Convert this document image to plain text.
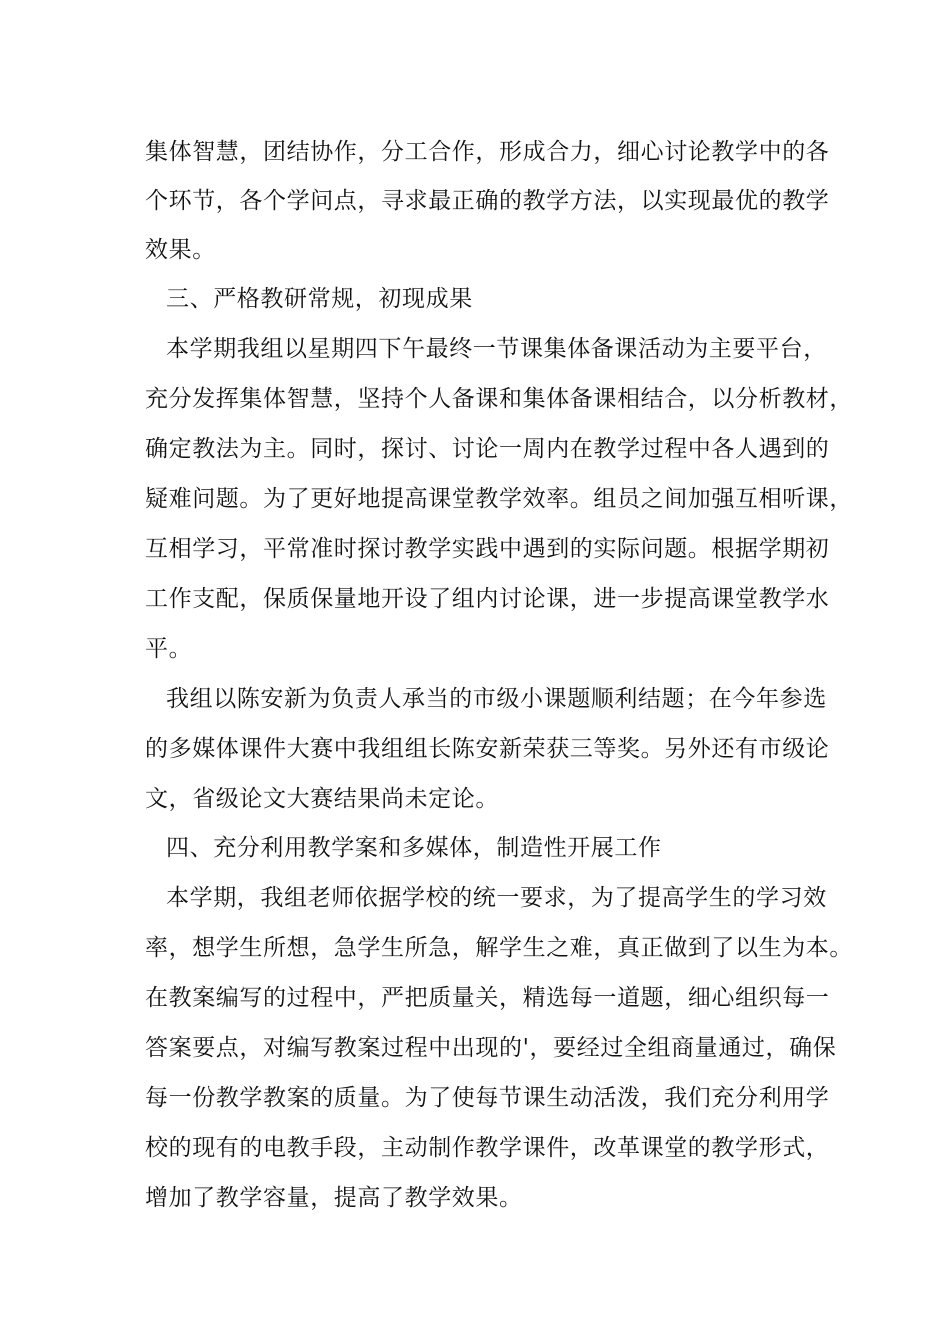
集体智慧，团结协作，分工合作，形成合力，细心讨论教学中的各
个环节，各个学问点，寻求最正确的教学方法，以实现最优的教学
效果。
三、严格教研常规，初现成果
本学期我组以星期四下午最终一节课集体备课活动为主要平台，
充分发挥集体智慧，坚持个人备课和集体备课相结合，以分析教材，
确定教法为主。同时，探讨、讨论一周内在教学过程中各人遇到的
疑难问题。为了更好地提高课堂教学效率。组员之间加强互相听课，
互相学习，平常准时探讨教学实践中遇到的实际问题。根据学期初
工作支配，保质保量地开设了组内讨论课，进一步提高课堂教学水
平。
我组以陈安新为负责人承当的市级小课题顺利结题；在今年参选
的多媒体课件大赛中我组组长陈安新荣获三等奖。另外还有市级论
文，省级论文大赛结果尚未定论。
四、充分利用教学案和多媒体，制造性开展工作
本学期，我组老师依据学校的统一要求，为了提高学生的学习效
率，想学生所想，急学生所急，解学生之难，真正做到了以生为本。
在教案编写的过程中，严把质量关，精选每一道题，细心组织每一
答案要点，对编写教案过程中出现的'，要经过全组商量通过，确保
每一份教学教案的质量。为了使每节课生动活泼，我们充分利用学
校的现有的电教手段，主动制作教学课件，改革课堂的教学形式，
增加了教学容量，提高了教学效果。
